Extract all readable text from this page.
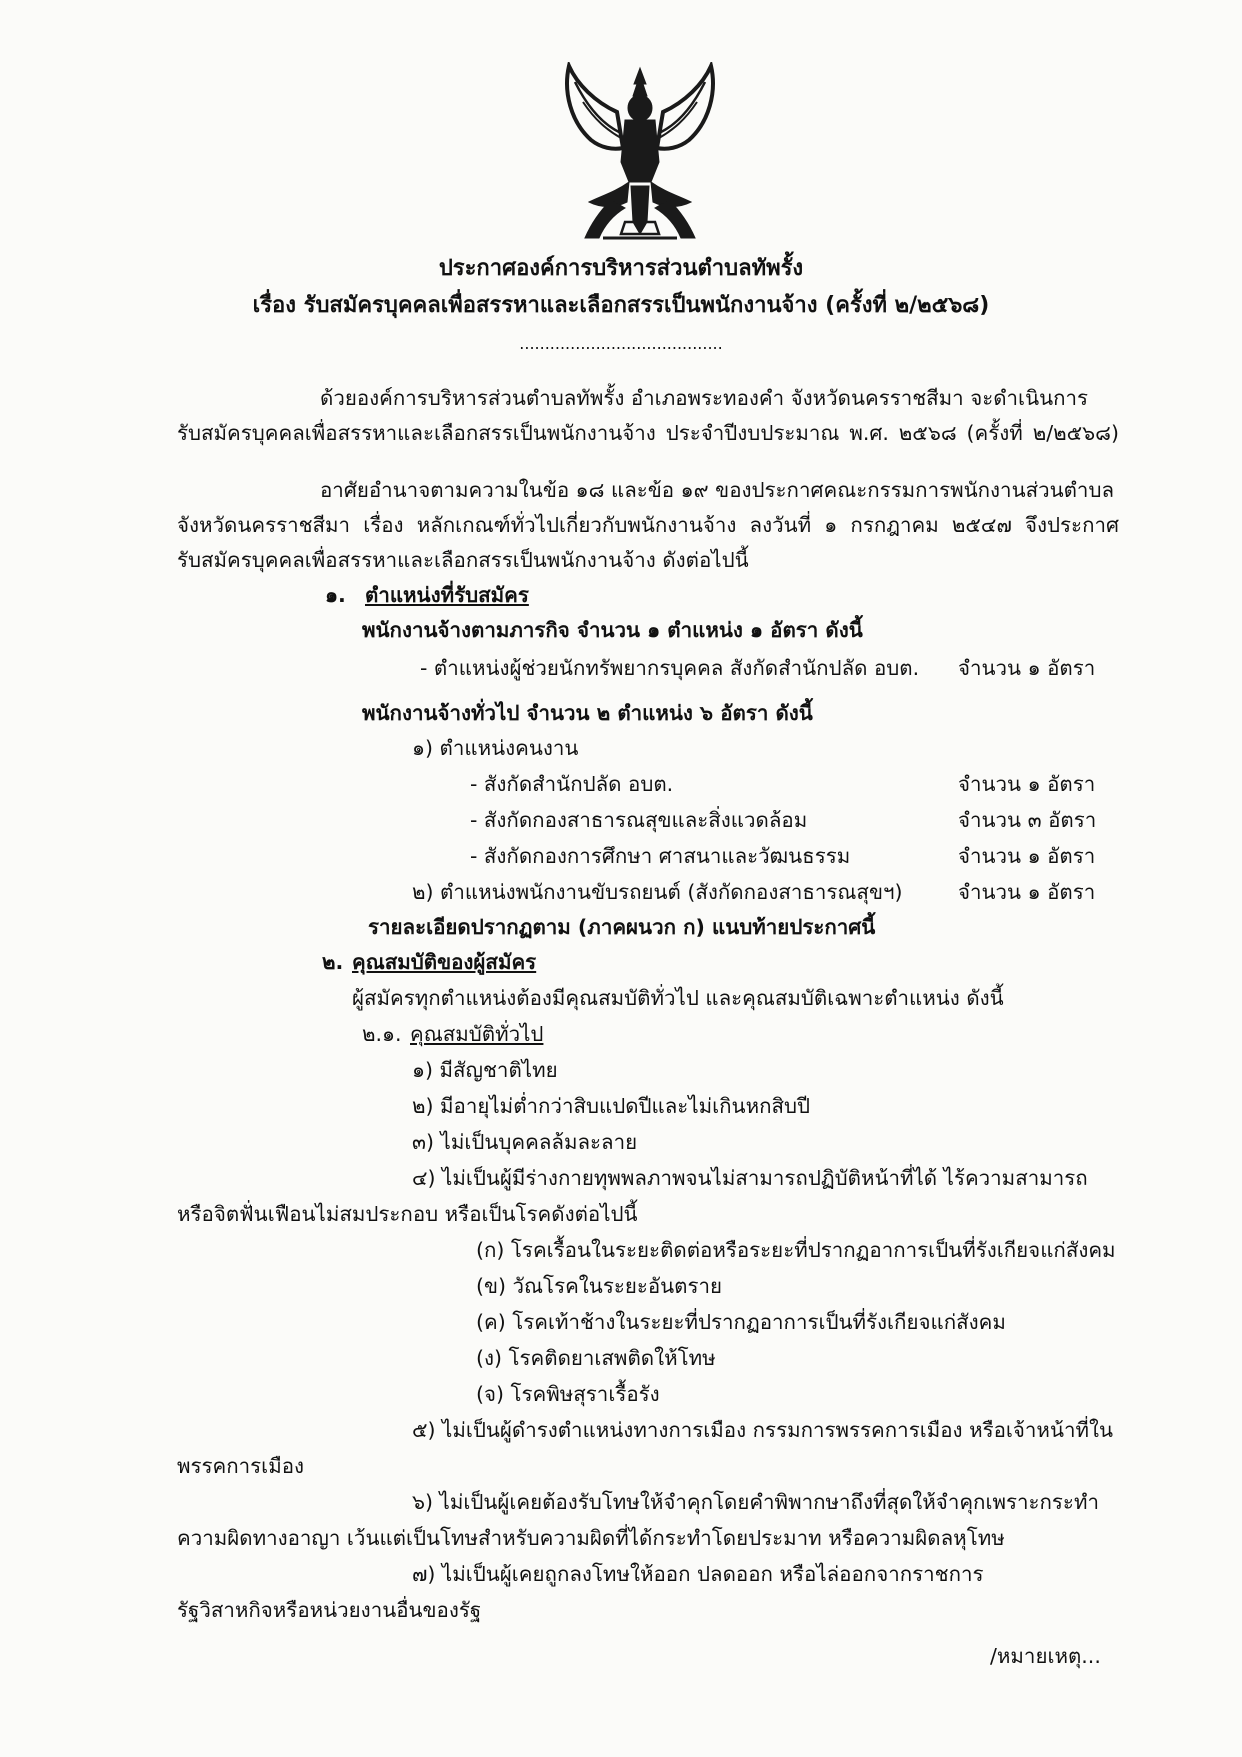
ประกาศองค์การบริหารส่วนตำบลทัพรั้ง
เรื่อง รับสมัครบุคคลเพื่อสรรหาและเลือกสรรเป็นพนักงานจ้าง (ครั้งที่ ๒/๒๕๖๘)
........................................
ด้วยองค์การบริหารส่วนตำบลทัพรั้ง อำเภอพระทองคำ จังหวัดนครราชสีมา จะดำเนินการ
รับสมัครบุคคลเพื่อสรรหาและเลือกสรรเป็นพนักงานจ้าง ประจำปีงบประมาณ พ.ศ. ๒๕๖๘ (ครั้งที่ ๒/๒๕๖๘)
อาศัยอำนาจตามความในข้อ ๑๘ และข้อ ๑๙ ของประกาศคณะกรรมการพนักงานส่วนตำบล
จังหวัดนครราชสีมา เรื่อง หลักเกณฑ์ทั่วไปเกี่ยวกับพนักงานจ้าง ลงวันที่ ๑ กรกฎาคม ๒๕๔๗ จึงประกาศ
รับสมัครบุคคลเพื่อสรรหาและเลือกสรรเป็นพนักงานจ้าง ดังต่อไปนี้
๑. ตำแหน่งที่รับสมัคร
พนักงานจ้างตามภารกิจ จำนวน ๑ ตำแหน่ง ๑ อัตรา ดังนี้
- ตำแหน่งผู้ช่วยนักทรัพยากรบุคคล สังกัดสำนักปลัด อบต. จำนวน ๑ อัตรา
พนักงานจ้างทั่วไป จำนวน ๒ ตำแหน่ง ๖ อัตรา ดังนี้
๑) ตำแหน่งคนงาน
- สังกัดสำนักปลัด อบต.	จำนวน ๑ อัตรา
- สังกัดกองสาธารณสุขและสิ่งแวดล้อม	จำนวน ๓ อัตรา
- สังกัดกองการศึกษา ศาสนาและวัฒนธรรม	จำนวน ๑ อัตรา
๒) ตำแหน่งพนักงานขับรถยนต์ (สังกัดกองสาธารณสุขฯ)	จำนวน ๑ อัตรา
รายละเอียดปรากฏตาม (ภาคผนวก ก) แนบท้ายประกาศนี้
๒. คุณสมบัติของผู้สมัคร
ผู้สมัครทุกตำแหน่งต้องมีคุณสมบัติทั่วไป และคุณสมบัติเฉพาะตำแหน่ง ดังนี้
๒.๑. คุณสมบัติทั่วไป
๑) มีสัญชาติไทย
๒) มีอายุไม่ต่ำกว่าสิบแปดปีและไม่เกินหกสิบปี
๓) ไม่เป็นบุคคลล้มละลาย
๔) ไม่เป็นผู้มีร่างกายทุพพลภาพจนไม่สามารถปฏิบัติหน้าที่ได้ ไร้ความสามารถ
หรือจิตฟั่นเฟือนไม่สมประกอบ หรือเป็นโรคดังต่อไปนี้
(ก) โรคเรื้อนในระยะติดต่อหรือระยะที่ปรากฏอาการเป็นที่รังเกียจแก่สังคม
(ข) วัณโรคในระยะอันตราย
(ค) โรคเท้าช้างในระยะที่ปรากฏอาการเป็นที่รังเกียจแก่สังคม
(ง) โรคติดยาเสพติดให้โทษ
(จ) โรคพิษสุราเรื้อรัง
๕) ไม่เป็นผู้ดำรงตำแหน่งทางการเมือง กรรมการพรรคการเมือง หรือเจ้าหน้าที่ใน
พรรคการเมือง
๖) ไม่เป็นผู้เคยต้องรับโทษให้จำคุกโดยคำพิพากษาถึงที่สุดให้จำคุกเพราะกระทำ
ความผิดทางอาญา เว้นแต่เป็นโทษสำหรับความผิดที่ได้กระทำโดยประมาท หรือความผิดลหุโทษ
๗) ไม่เป็นผู้เคยถูกลงโทษให้ออก ปลดออก หรือไล่ออกจากราชการ
รัฐวิสาหกิจหรือหน่วยงานอื่นของรัฐ
/หมายเหตุ...
